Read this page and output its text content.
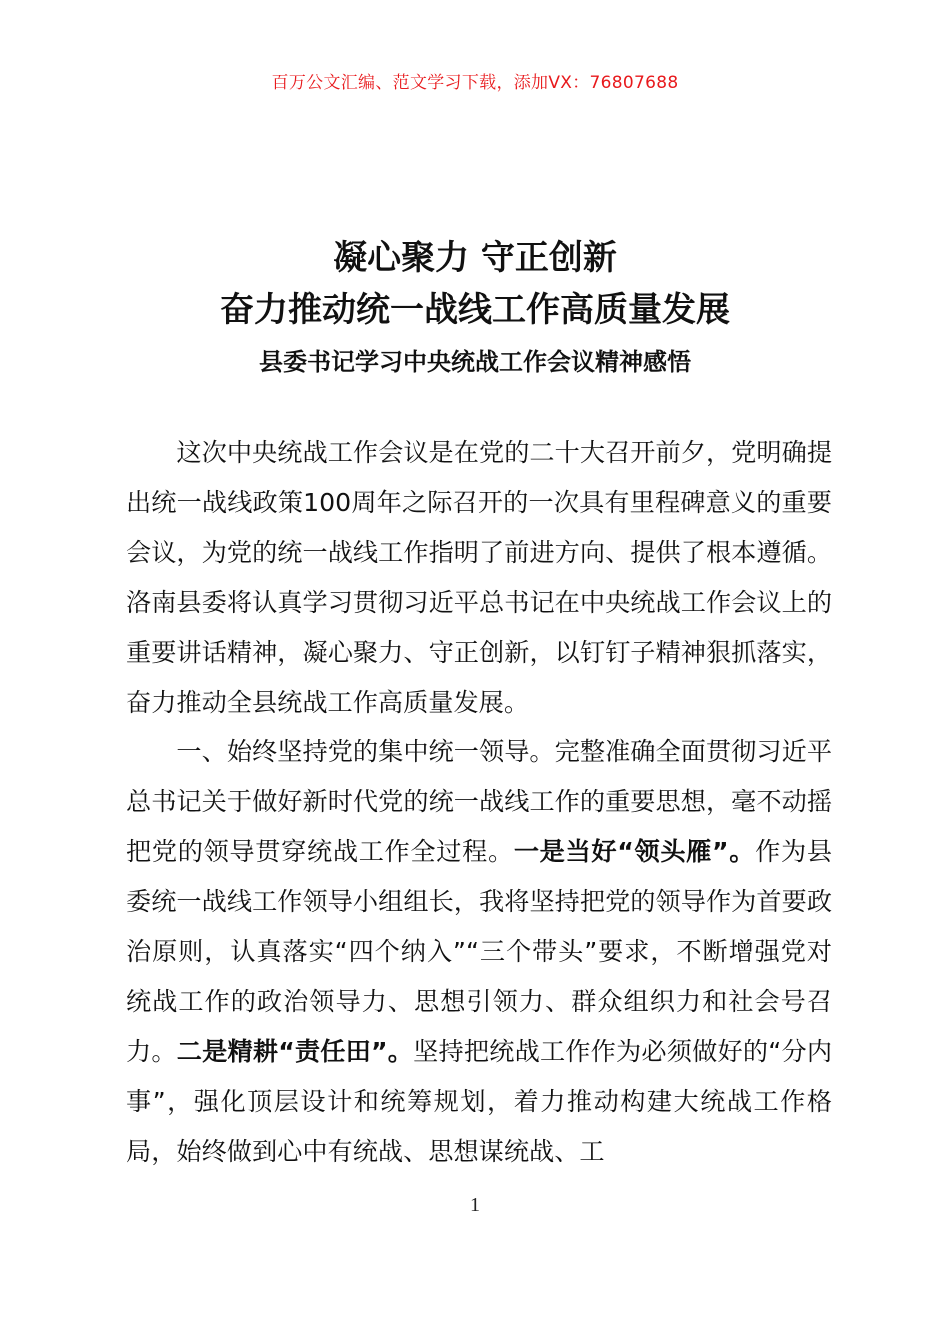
百万公文汇编、范文学习下载，添加VX：76807688
凝心聚力 守正创新
奋力推动统一战线工作高质量发展
县委书记学习中央统战工作会议精神感悟

这次中央统战工作会议是在党的二十大召开前夕，党明确提出统一战线政策100周年之际召开的一次具有里程碑意义的重要会议，为党的统一战线工作指明了前进方向、提供了根本遵循。洛南县委将认真学习贯彻习近平总书记在中央统战工作会议上的重要讲话精神，凝心聚力、守正创新，以钉钉子精神狠抓落实，奋力推动全县统战工作高质量发展。

一、始终坚持党的集中统一领导。完整准确全面贯彻习近平总书记关于做好新时代党的统一战线工作的重要思想，毫不动摇把党的领导贯穿统战工作全过程。一是当好“领头雁”。作为县委统一战线工作领导小组组长，我将坚持把党的领导作为首要政治原则，认真落实“四个纳入”“三个带头”要求，不断增强党对统战工作的政治领导力、思想引领力、群众组织力和社会号召力。二是精耕“责任田”。坚持把统战工作作为必须做好的“分内事”，强化顶层设计和统筹规划，着力推动构建大统战工作格局，始终做到心中有统战、思想谋统战、工

1
